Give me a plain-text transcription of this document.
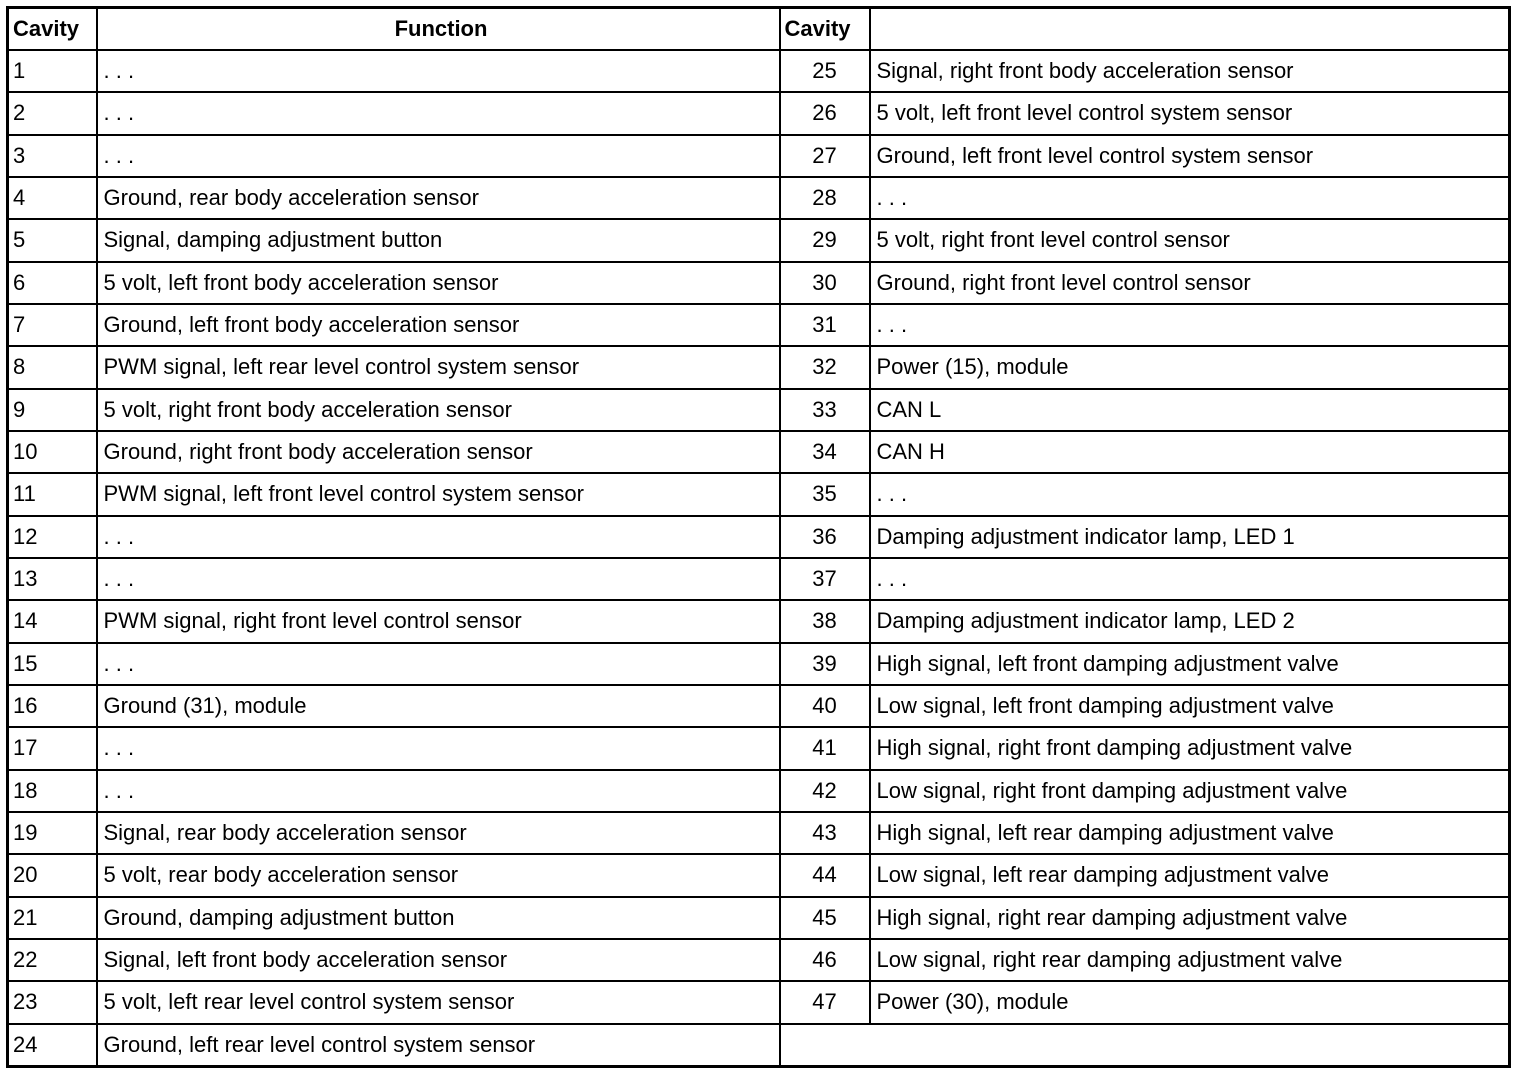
Cavity	Function	Cavity	
1	. . .	25	Signal, right front body acceleration sensor
2	. . .	26	5 volt, left front level control system sensor
3	. . .	27	Ground, left front level control system sensor
4	Ground, rear body acceleration sensor	28	. . .
5	Signal, damping adjustment button	29	5 volt, right front level control sensor
6	5 volt, left front body acceleration sensor	30	Ground, right front level control sensor
7	Ground, left front body acceleration sensor	31	. . .
8	PWM signal, left rear level control system sensor	32	Power (15), module
9	5 volt, right front body acceleration sensor	33	CAN L
10	Ground, right front body acceleration sensor	34	CAN H
11	PWM signal, left front level control system sensor	35	. . .
12	. . .	36	Damping adjustment indicator lamp, LED 1
13	. . .	37	. . .
14	PWM signal, right front level control sensor	38	Damping adjustment indicator lamp, LED 2
15	. . .	39	High signal, left front damping adjustment valve
16	Ground (31), module	40	Low signal, left front damping adjustment valve
17	. . .	41	High signal, right front damping adjustment valve
18	. . .	42	Low signal, right front damping adjustment valve
19	Signal, rear body acceleration sensor	43	High signal, left rear damping adjustment valve
20	5 volt, rear body acceleration sensor	44	Low signal, left rear damping adjustment valve
21	Ground, damping adjustment button	45	High signal, right rear damping adjustment valve
22	Signal, left front body acceleration sensor	46	Low signal, right rear damping adjustment valve
23	5 volt, left rear level control system sensor	47	Power (30), module
24	Ground, left rear level control system sensor		
